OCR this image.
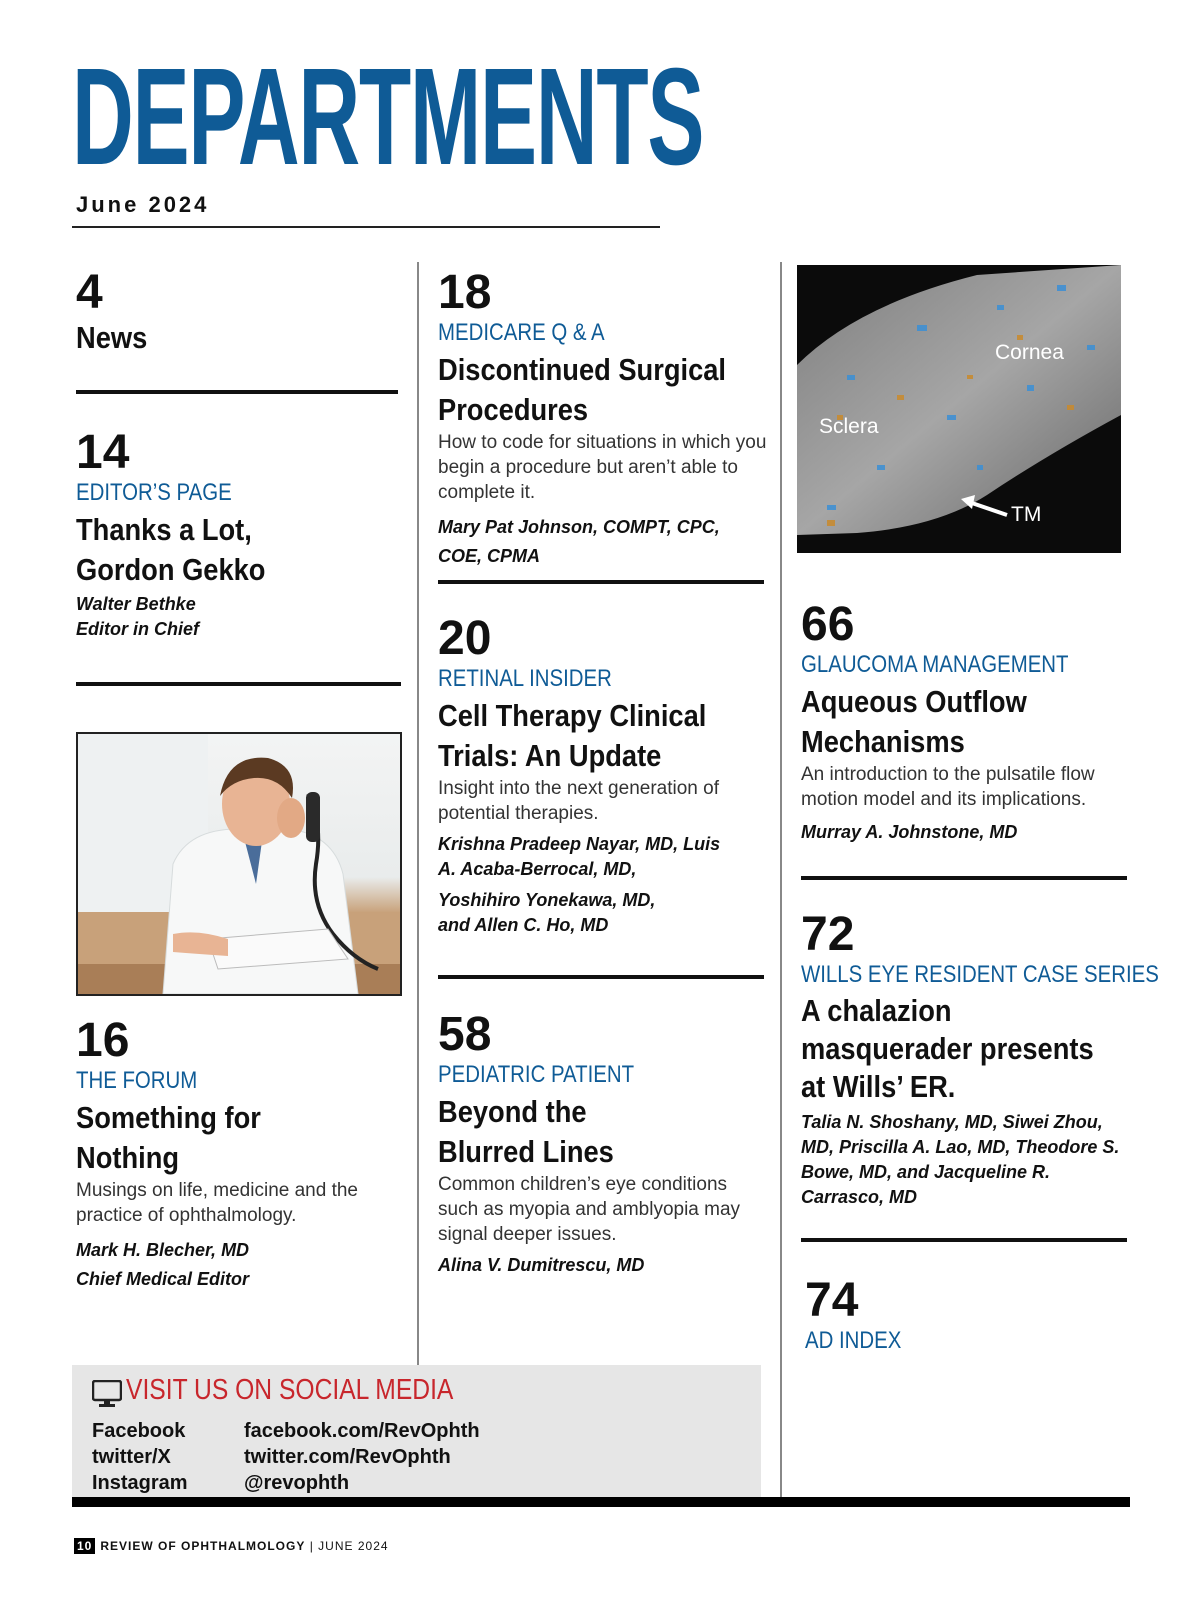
DEPARTMENTS
June 2024
4
News
14
EDITOR’S PAGE
Thanks a Lot, Gordon Gekko
Walter Bethke
Editor in Chief
16
THE FORUM
Something for Nothing
Musings on life, medicine and the practice of ophthalmology.
Mark H. Blecher, MD
Chief Medical Editor
18
MEDICARE Q & A
Discontinued Surgical Procedures
How to code for situations in which you begin a procedure but aren’t able to complete it.
Mary Pat Johnson, COMPT, CPC, COE, CPMA
20
RETINAL INSIDER
Cell Therapy Clinical Trials: An Update
Insight into the next generation of potential therapies.
Krishna Pradeep Nayar, MD, Luis A. Acaba-Berrocal, MD,
Yoshihiro Yonekawa, MD, and Allen C. Ho, MD
58
PEDIATRIC PATIENT
Beyond the Blurred Lines
Common children’s eye conditions such as myopia and amblyopia may signal deeper issues.
Alina V. Dumitrescu, MD
Cornea
Sclera
TM
66
GLAUCOMA MANAGEMENT
Aqueous Outflow Mechanisms
An introduction to the pulsatile flow motion model and its implications.
Murray A. Johnstone, MD
72
WILLS EYE RESIDENT CASE SERIES
A chalazion masquerader presents at Wills’ ER.
Talia N. Shoshany, MD, Siwei Zhou, MD, Priscilla A. Lao, MD, Theodore S. Bowe, MD, and Jacqueline R. Carrasco, MD
74
AD INDEX
VISIT US ON SOCIAL MEDIA
Facebook	facebook.com/RevOphth
twitter/X	twitter.com/RevOphth
Instagram	@revophth
10 REVIEW OF OPHTHALMOLOGY | JUNE 2024
